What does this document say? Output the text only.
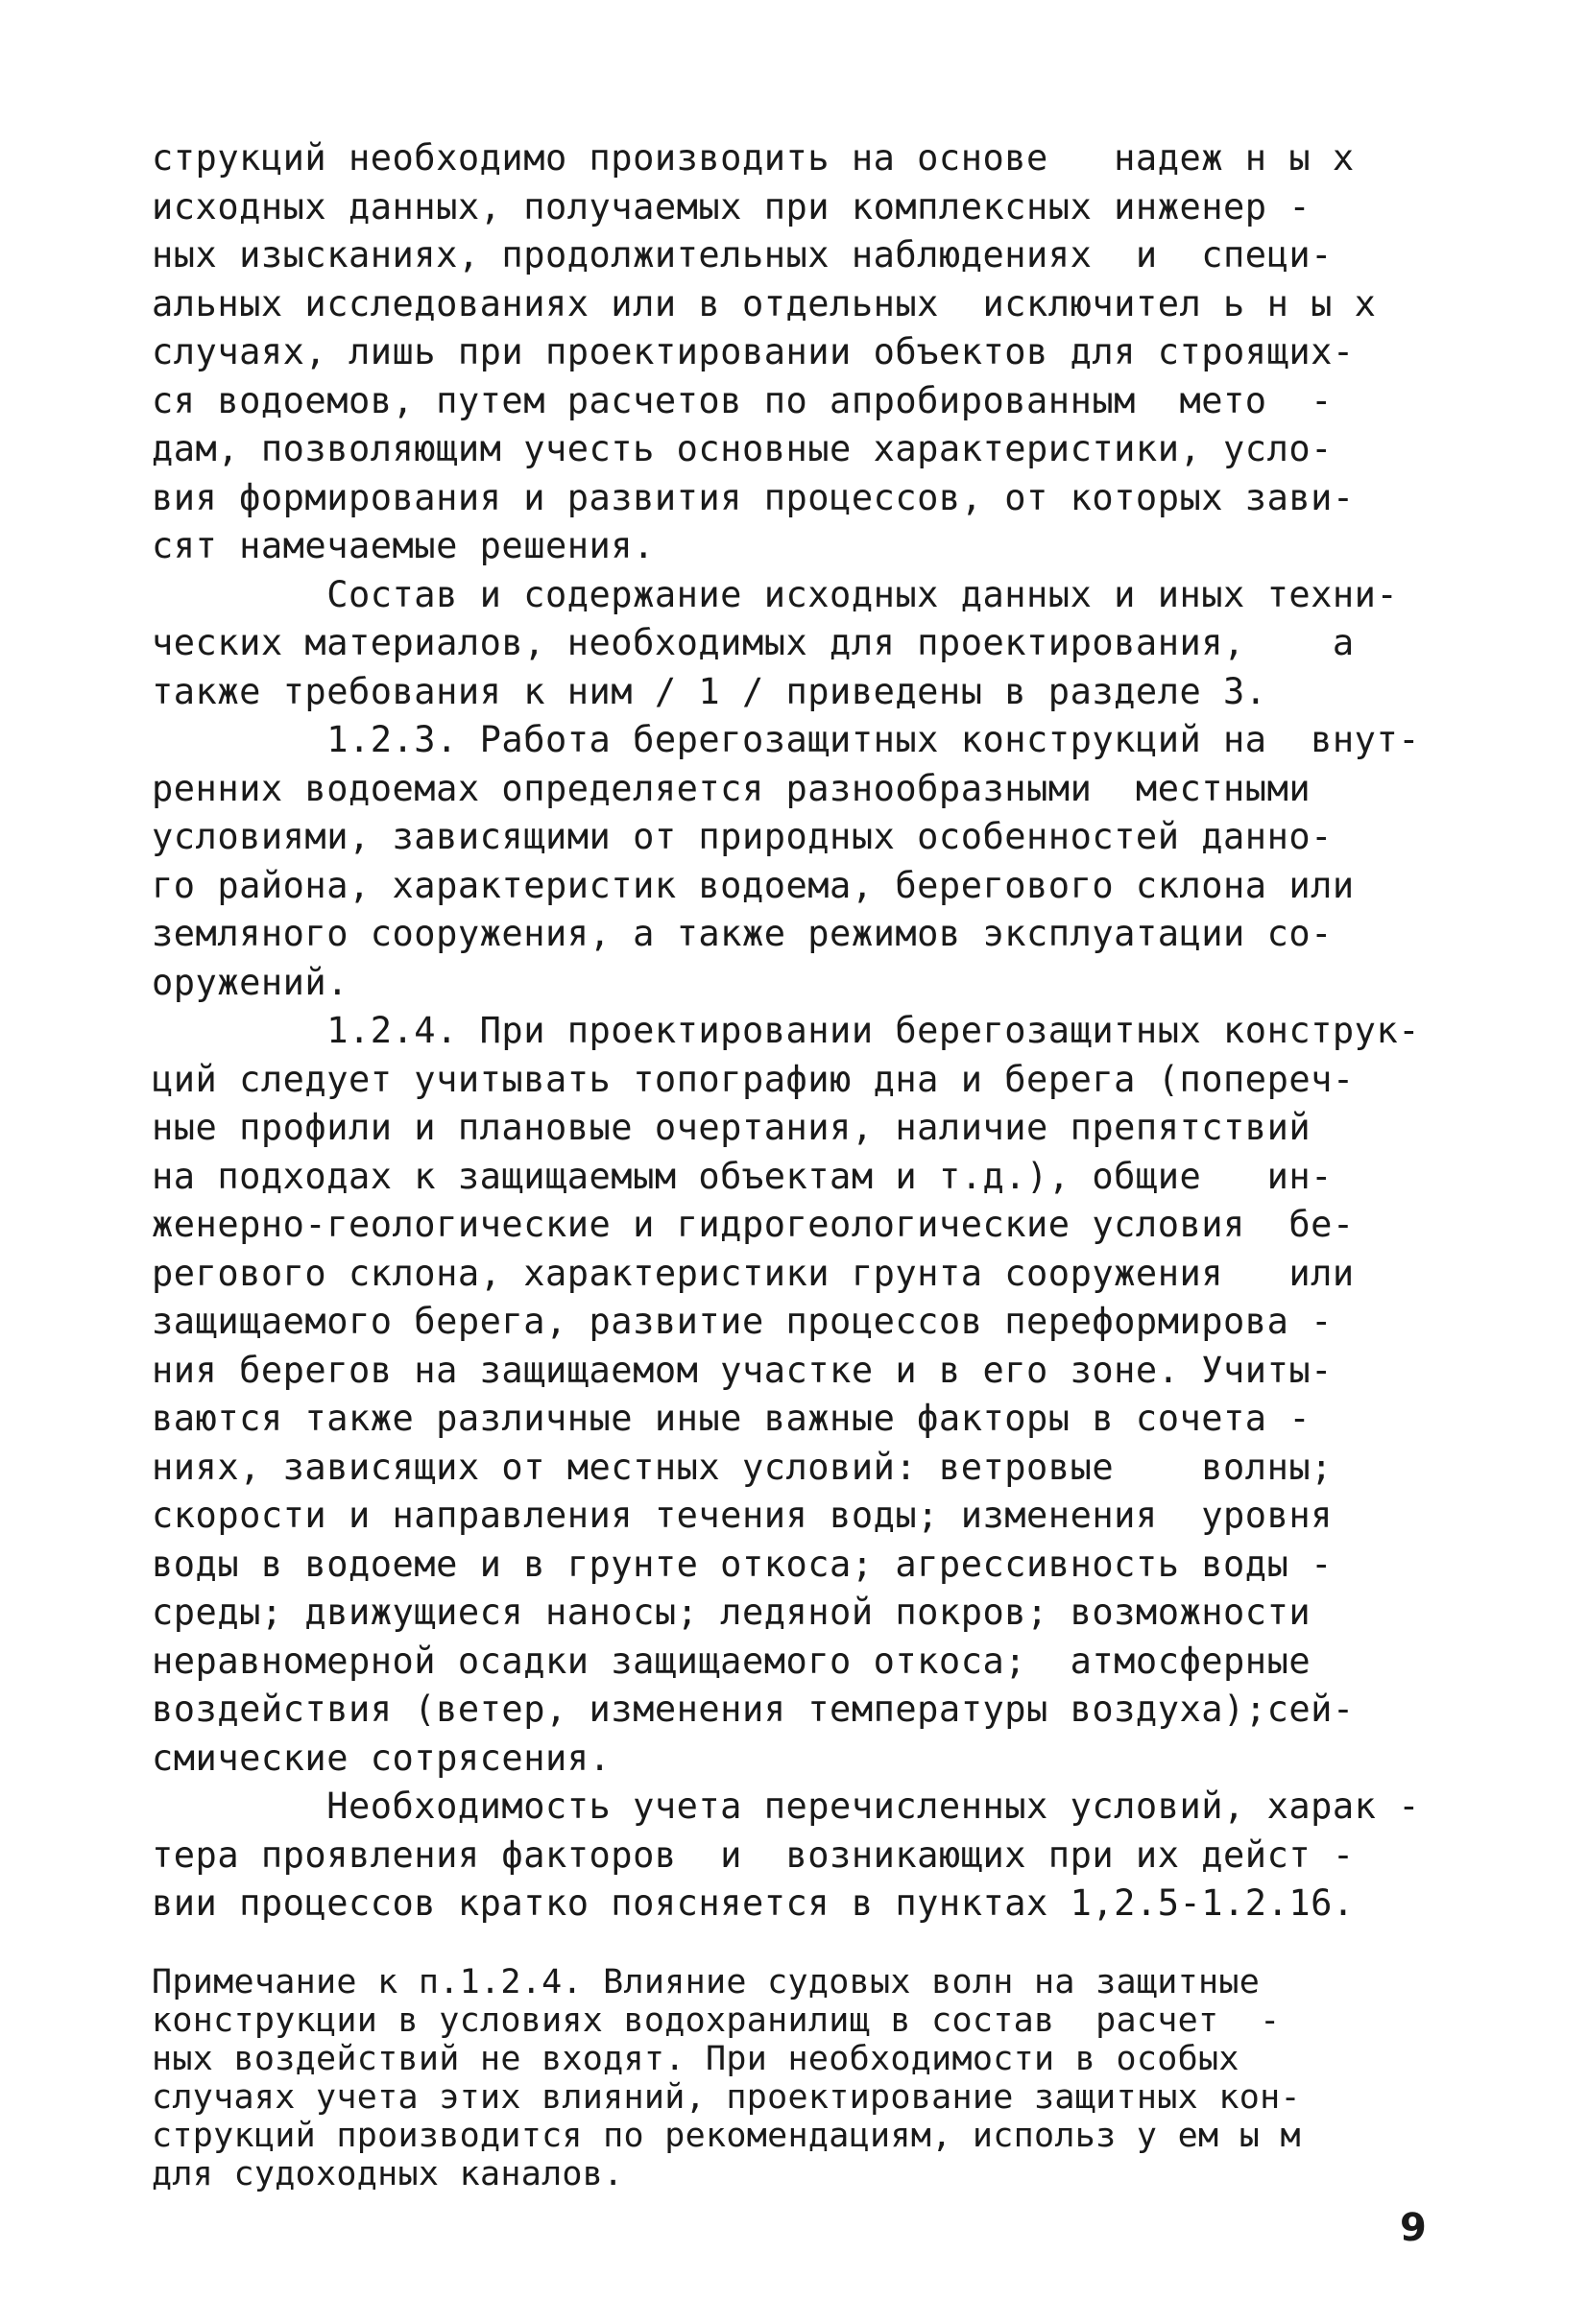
струкций необходимо производить на основе   надеж н ы х
исходных данных, получаемых при комплексных инженер -
ных изысканиях, продолжительных наблюдениях  и  специ-
альных исследованиях или в отдельных  исключител ь н ы х
случаях, лишь при проектировании объектов для строящих-
ся водоемов, путем расчетов по апробированным  мето  -
дам, позволяющим учесть основные характеристики, усло-
вия формирования и развития процессов, от которых зави-
сят намечаемые решения.
Состав и содержание исходных данных и иных техни-
ческих материалов, необходимых для проектирования,    а
также требования к ним / 1 / приведены в разделе 3.
1.2.3. Работа берегозащитных конструкций на  внут-
ренних водоемах определяется разнообразными  местными
условиями, зависящими от природных особенностей данно-
го района, характеристик водоема, берегового склона или
земляного сооружения, а также режимов эксплуатации со-
оружений.
1.2.4. При проектировании берегозащитных конструк-
ций следует учитывать топографию дна и берега (попереч-
ные профили и плановые очертания, наличие препятствий
на подходах к защищаемым объектам и т.д.), общие   ин-
женерно-геологические и гидрогеологические условия  бе-
регового склона, характеристики грунта сооружения   или
защищаемого берега, развитие процессов переформирова -
ния берегов на защищаемом участке и в его зоне. Учиты-
ваются также различные иные важные факторы в сочета -
ниях, зависящих от местных условий: ветровые    волны;
скорости и направления течения воды; изменения  уровня
воды в водоеме и в грунте откоса; агрессивность воды -
среды; движущиеся наносы; ледяной покров; возможности
неравномерной осадки защищаемого откоса;  атмосферные
воздействия (ветер, изменения температуры воздуха);сей-
смические сотрясения.
Необходимость учета перечисленных условий, харак -
тера проявления факторов  и  возникающих при их дейст -
вии процессов кратко поясняется в пунктах 1,2.5-1.2.16.
Примечание к п.1.2.4. Влияние судовых волн на защитные
конструкции в условиях водохранилищ в состав  расчет  -
ных воздействий не входят. При необходимости в особых
случаях учета этих влияний, проектирование защитных кон-
струкций производится по рекомендациям, использ у ем ы м
для судоходных каналов.
9
